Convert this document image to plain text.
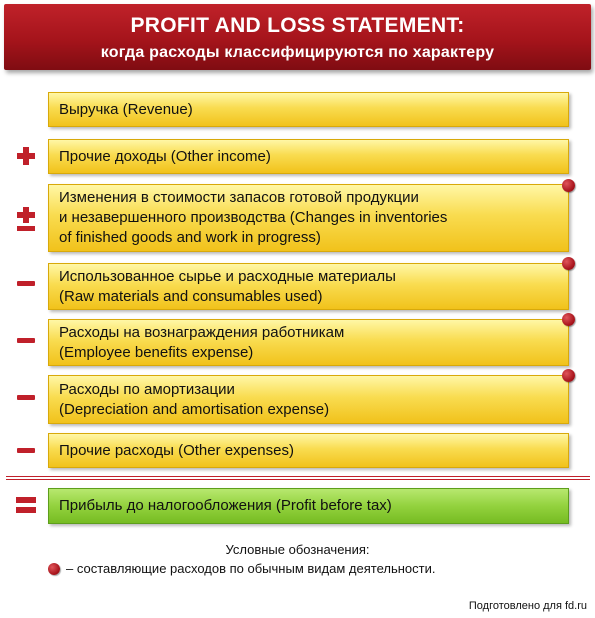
PROFIT AND LOSS STATEMENT:
когда расходы классифицируются по характеру
Выручка (Revenue)
Прочие доходы (Other income)
Изменения в стоимости запасов готовой продукции
и незавершенного производства (Changes in inventories
of finished goods and work in progress)
Использованное сырье и расходные материалы
(Raw materials and consumables used)
Расходы на вознаграждения работникам
(Employee benefits expense)
Расходы по амортизации
(Depreciation and amortisation expense)
Прочие расходы (Other expenses)
Прибыль до налогообложения (Profit before tax)
Условные обозначения:
– составляющие расходов по обычным видам деятельности.
Подготовлено для fd.ru
